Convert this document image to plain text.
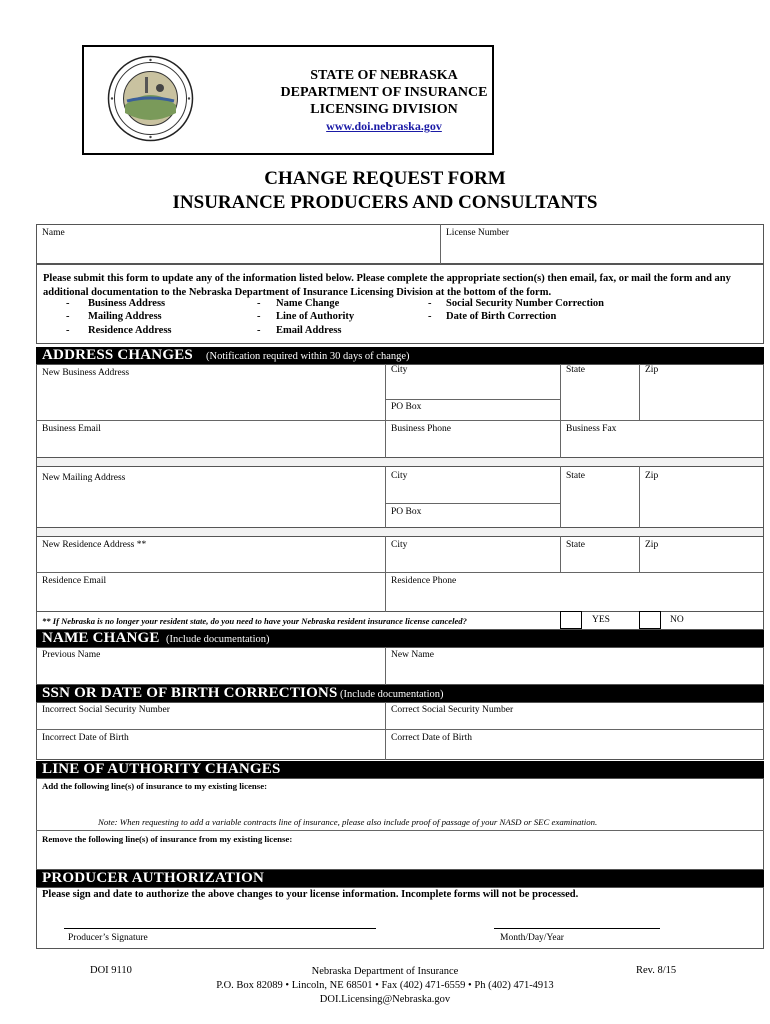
STATE OF NEBRASKA
DEPARTMENT OF INSURANCE
LICENSING DIVISION
www.doi.nebraska.gov
CHANGE REQUEST FORM
INSURANCE PRODUCERS AND CONSULTANTS
Name	License Number
Please submit this form to update any of the information listed below. Please complete the appropriate section(s) then email, fax, or mail the form and any additional documentation to the Nebraska Department of Insurance Licensing Division at the bottom of the form.
- Business Address
- Mailing Address
- Residence Address
- Name Change
- Line of Authority
- Email Address
- Social Security Number Correction
- Date of Birth Correction
ADDRESS CHANGES (Notification required within 30 days of change)
New Business Address	City	State	Zip
PO Box
Business Email	Business Phone	Business Fax
New Mailing Address	City	State	Zip
PO Box
New Residence Address **	City	State	Zip
Residence Email	Residence Phone
** If Nebraska is no longer your resident state, do you need to have your Nebraska resident insurance license canceled?	YES	NO
NAME CHANGE (Include documentation)
Previous Name	New Name
SSN OR DATE OF BIRTH CORRECTIONS (Include documentation)
Incorrect Social Security Number	Correct Social Security Number
Incorrect Date of Birth	Correct Date of Birth
LINE OF AUTHORITY CHANGES
Add the following line(s) of insurance to my existing license:
Note: When requesting to add a variable contracts line of insurance, please also include proof of passage of your NASD or SEC examination.
Remove the following line(s) of insurance from my existing license:
PRODUCER AUTHORIZATION
Please sign and date to authorize the above changes to your license information. Incomplete forms will not be processed.
Producer’s Signature	Month/Day/Year
DOI 9110	Nebraska Department of Insurance
P.O. Box 82089 • Lincoln, NE 68501 • Fax (402) 471-6559 • Ph (402) 471-4913
DOI.Licensing@Nebraska.gov
Rev. 8/15
